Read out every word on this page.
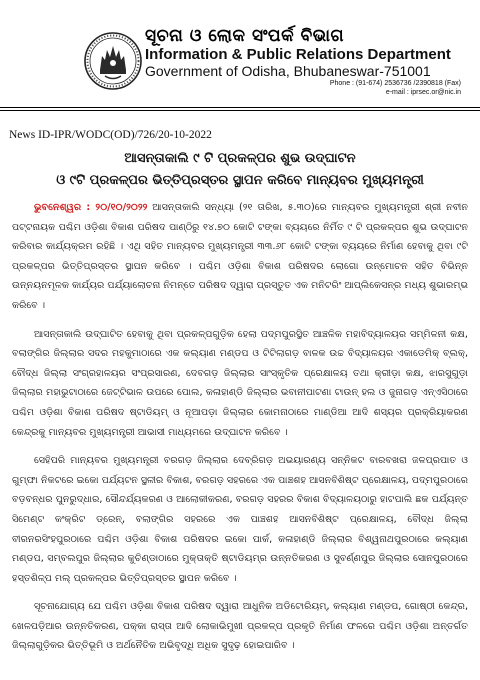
ସୂଚନା ଓ ଲୋକ ସଂପର୍କ ବିଭାଗ
Information & Public Relations Department
Government of Odisha, Bhubaneswar-751001
Phone : (91-674) 2536736 /2390818 (Fax)
e-mail : iprsec.or@nic.in
News ID-IPR/WODC(OD)/726/20-10-2022
ଆସନ୍ତାକାଲି ୯ ଟି ପ୍ରକଳ୍ପର ଶୁଭ ଉଦ୍‌ଘାଟନ
ଓ ୯ଟି ପ୍ରକଳ୍ପର ଭିତ୍ତିପ୍ରସ୍ତର ସ୍ଥାପନ କରିବେ ମାନ୍ୟବର ମୁଖ୍ୟମନ୍ତ୍ରୀ

ଭୁବନେଶ୍ୱର : ୨୦/୧୦/୨୦୨୨ ଆସନ୍ତାକାଲି ସନ୍ଧ୍ୟା (୨୧ ତାରିଖ, ୫.୩୦)ରେ ମାନ୍ୟବର ମୁଖ୍ୟମନ୍ତ୍ରୀ ଶ୍ରୀ ନବୀନ ପଟ୍ଟନାୟକ ପଶ୍ଚିମ ଓଡ଼ିଶା ବିକାଶ ପରିଷଦ ପାଣ୍ଠିରୁ ୧୪.୭୦ କୋଟି ଟଙ୍କା ବ୍ୟୟରେ ନିର୍ମିତ ୯ ଟି ପ୍ରକଳ୍ପର ଶୁଭ ଉଦ୍‌ଘାଟନ କରିବାର କାର୍ଯ୍ୟକ୍ରମ ରହିଛି । ଏଥି ସହିତ ମାନ୍ୟବର ମୁଖ୍ୟମନ୍ତ୍ରୀ ୩୩.୬୮ କୋଟି ଟଙ୍କା ବ୍ୟୟରେ ନିର୍ମାଣ ହେବାକୁ ଥିବା ୯ଟି ପ୍ରକଳ୍ପର ଭିତ୍ତିପ୍ରସ୍ତର ସ୍ଥାପନ କରିବେ । ପଶ୍ଚିମ ଓଡ଼ିଶା ବିକାଶ ପରିଷଦର ଲୋଗୋ ଉନ୍ମୋଚନ ସହିତ ବିଭିନ୍ନ ଉନ୍ନୟନମୂଳକ କାର୍ଯ୍ୟର ପର୍ଯ୍ୟାଲୋଚନା ନିମନ୍ତେ ପରିଷଦ ଦ୍ୱାରା ପ୍ରସ୍ତୁତ ଏକ ମନିଟରିଂ ଆପ୍ଲିକେସନ୍‌ର ମଧ୍ୟ ଶୁଭାରମ୍ଭ କରିବେ ।

ଆସନ୍ତାକାଲି ଉଦ୍‌ଘାଟିତ ହେବାକୁ ଥିବା ପ୍ରକଳ୍ପଗୁଡ଼ିକ ହେଲା ପଦ୍ମପୁରସ୍ଥିତ ଆଞ୍ଚଳିକ ମହାବିଦ୍ୟାଳୟର ସମ୍ମିଳନୀ କକ୍ଷ, ବଲାଙ୍ଗିର ଜିଲ୍ଲାର ସଦର ମହକୁମାଠାରେ ଏକ କଲ୍ୟାଣ ମଣ୍ଡପ ଓ ଟିଟିଲାଗଡ଼ ବାଳକ ଉଚ୍ଚ ବିଦ୍ୟାଳୟର ଏକାଡେମିକ୍ ବ୍ଲକ୍, ବୌଦ୍ଧ ଜିଲ୍ଲା ସଂଗ୍ରହାଳୟର ସଂପ୍ରସାରଣ, ଦେବଗଡ଼ ଜିଲ୍ଲାର ସାଂସ୍କୃତିକ ପ୍ରେକ୍ଷାଳୟ ତଥା କ୍ରୀଡ଼ା କକ୍ଷ, ଝାରସୁଗୁଡ଼ା ଜିଲ୍ଲାର ମହାଭୁଟାଠାରେ ଜେଟ୍ଟିଭାଳ ଉପରେ ପୋଲ, କଳାହାଣ୍ଡି ଜିଲ୍ଲାର ଭବାନୀପାଟଣା ଟାଉନ୍ ହଲ ଓ ଜୁନାଗଡ଼ ଏନ୍‌ଏସିଠାରେ ପଶ୍ଚିମ ଓଡ଼ିଶା ବିକାଶ ପରିଷଦ ଷ୍ଟାଡିୟମ୍ ଓ ନୂଆପଡ଼ା ଜିଲ୍ଲାର କୋମନାଠାରେ ମାଣ୍ଡିଆ ଆଦି ଶସ୍ୟର ପ୍ରକ୍ରିୟାକରଣ କେନ୍ଦ୍ରକୁ ମାନ୍ୟବର ମୁଖ୍ୟମନ୍ତ୍ରୀ ଆଭାସୀ ମାଧ୍ୟମରେ ଉଦ୍‌ଘାଟନ କରିବେ ।

ସେହିପରି ମାନ୍ୟବର ମୁଖ୍ୟମନ୍ତ୍ରୀ ବରଗଡ଼ ଜିଲ୍ଲାର ଦେବ୍ରିଗଡ଼ ଅଭୟାରଣ୍ୟ ସନ୍ନିକଟ ବାରବଖରା ଜଳପ୍ରପାତ ଓ ଗୁମ୍ଫା ନିକଟରେ ଇକୋ ପର୍ଯ୍ୟଟନ ସ୍ଥଳୀର ବିକାଶ, ବରଗଡ଼ ସହରରେ ଏକ ପାଞ୍ଚଶହ ଆସନବିଶିଷ୍ଟ ପ୍ରେକ୍ଷାଳୟ, ପଦ୍ମପୁରଠାରେ ବଡ଼ବନ୍ଧର ପୁନରୁଦ୍ଧାର, ସୌନ୍ଦର୍ଯ୍ୟକରଣ ଓ ଆଲୋକୀକରଣ, ବରଗଡ଼ ସହରର ବିକାଶ ବିଦ୍ୟାଳୟଠାରୁ ହାଟପାଲି ଛକ ପର୍ଯ୍ୟନ୍ତ ସିମେଣ୍ଟ କଂକ୍ରିଟ ଡ୍ରେନ୍, ବଲାଙ୍ଗିର ସହରରେ ଏକ ପାଞ୍ଚଶହ ଆସନବିଶିଷ୍ଟ ପ୍ରେକ୍ଷାଳୟ, ବୌଦ୍ଧ ଜିଲ୍ଲା ବୀରନରସିଂହପୁରଠାରେ ପଶ୍ଚିମ ଓଡ଼ିଶା ବିକାଶ ପରିଷଦର ଇକୋ ପାର୍କ, କଳାହାଣ୍ଡି ଜିଲ୍ଲାର ବିଶ୍ୱନାଥପୁରଠାରେ କଲ୍ୟାଣ ମଣ୍ଡପ, ସମ୍ବଲପୁର ଜିଲ୍ଲାର କୁଚିଣ୍ଡାଠାରେ ମୁକ୍ତାକ୍ତି ଷ୍ଟାଡିୟମ୍‌ର ଉନ୍ନତିକରଣ ଓ ସୁବର୍ଣ୍ଣପୁର ଜିଲ୍ଲାର ସୋନପୁରଠାରେ ହସ୍ତଶିଳ୍ପ ମଲ୍ ପ୍ରକଳ୍ପର ଭିତ୍ତିପ୍ରସ୍ତର ସ୍ଥାପନ କରିବେ ।

ସୂଚନାଯୋଗ୍ୟ ଯେ ପଶ୍ଚିମ ଓଡ଼ିଶା ବିକାଶ ପରିଷଦ ଦ୍ୱାରା ଆଧୁନିକ ଅଡିଟୋରିୟମ୍, କଲ୍ୟାଣ ମଣ୍ଡପ, ଗୋଷ୍ଠୀ କେନ୍ଦ୍ର, ଖେଳପଡ଼ିଆର ଉନ୍ନତିକରଣ, ପକ୍କା ରାସ୍ତା ଆଦି ଲୋକାଭିମୁଖୀ ପ୍ରକଳ୍ପ ପ୍ରକୃତି ନିର୍ମାଣ ଫଳରେ ପଶ୍ଚିମ ଓଡ଼ିଶା ଅନ୍ତର୍ଗତ ଜିଲ୍ଲାଗୁଡ଼ିକର ଭିତ୍ତିଭୂମି ଓ ଅର୍ଥନୈତିକ ଅଭିବୃଦ୍ଧି ଅଧିକ ସୁଦୃଢ଼ ହୋଇପାରିବ ।
